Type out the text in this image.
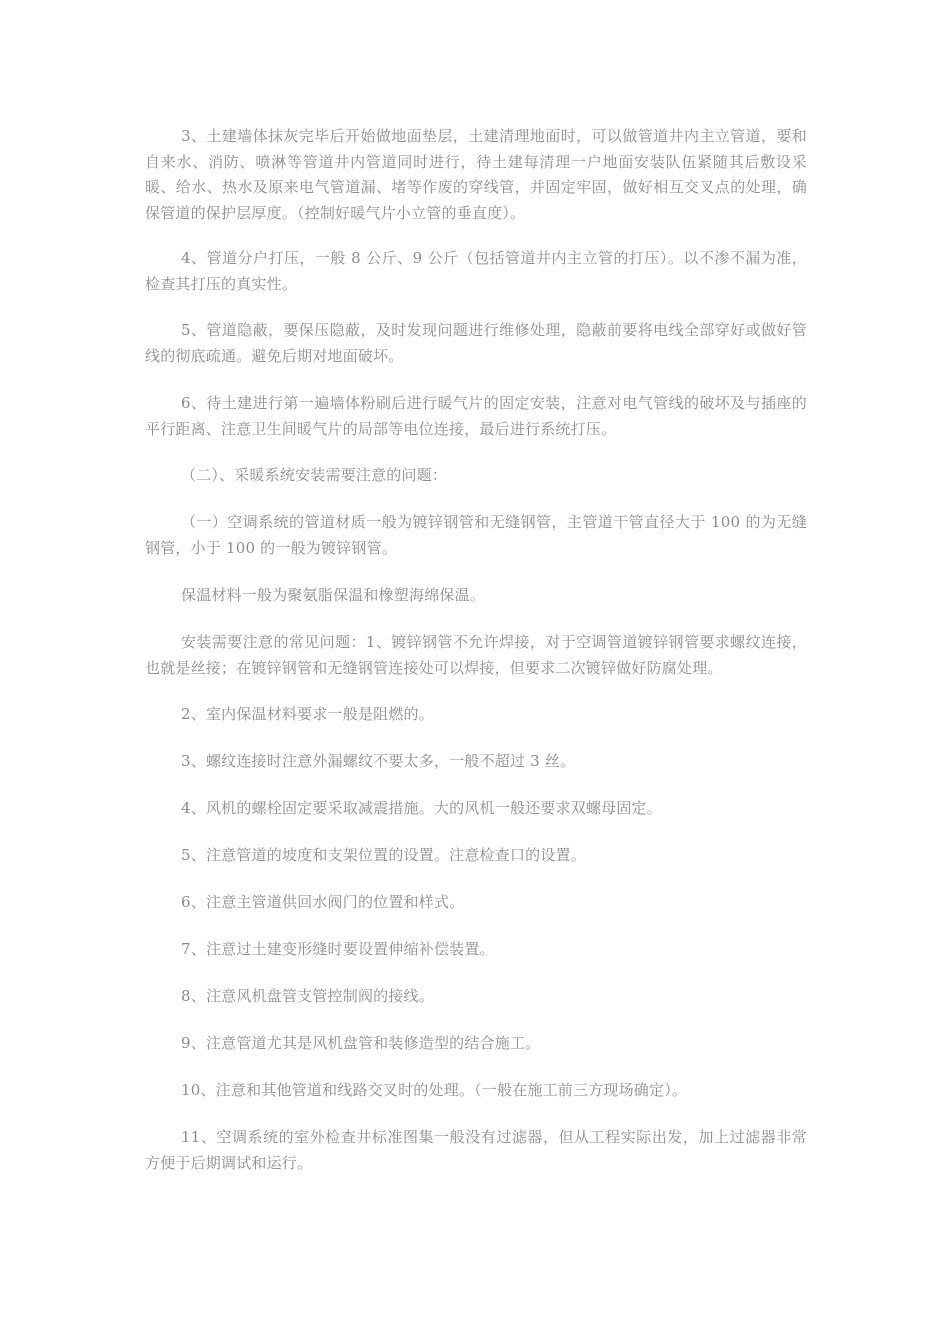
3、土建墙体抹灰完毕后开始做地面垫层，土建清理地面时，可以做管道井内主立管道，要和自来水、消防、喷淋等管道井内管道同时进行，待土建每清理一户地面安装队伍紧随其后敷设采暖、给水、热水及原来电气管道漏、堵等作废的穿线管，并固定牢固，做好相互交叉点的处理，确保管道的保护层厚度。（控制好暖气片小立管的垂直度）。

4、管道分户打压，一般 8 公斤、9 公斤（包括管道井内主立管的打压）。以不渗不漏为准，检查其打压的真实性。

5、管道隐蔽，要保压隐蔽，及时发现问题进行维修处理，隐蔽前要将电线全部穿好或做好管线的彻底疏通。避免后期对地面破坏。

6、待土建进行第一遍墙体粉刷后进行暖气片的固定安装，注意对电气管线的破坏及与插座的平行距离、注意卫生间暖气片的局部等电位连接，最后进行系统打压。

（二）、采暖系统安装需要注意的问题：

（一）空调系统的管道材质一般为镀锌钢管和无缝钢管，主管道干管直径大于 100 的为无缝钢管，小于 100 的一般为镀锌钢管。

保温材料一般为聚氨脂保温和橡塑海绵保温。

安装需要注意的常见问题：1、镀锌钢管不允许焊接，对于空调管道镀锌钢管要求螺纹连接，也就是丝接；在镀锌钢管和无缝钢管连接处可以焊接，但要求二次镀锌做好防腐处理。

2、室内保温材料要求一般是阻燃的。

3、螺纹连接时注意外漏螺纹不要太多，一般不超过 3 丝。

4、风机的螺栓固定要采取减震措施。大的风机一般还要求双螺母固定。

5、注意管道的坡度和支架位置的设置。注意检查口的设置。

6、注意主管道供回水阀门的位置和样式。

7、注意过土建变形缝时要设置伸缩补偿装置。

8、注意风机盘管支管控制阀的接线。

9、注意管道尤其是风机盘管和装修造型的结合施工。

10、注意和其他管道和线路交叉时的处理。（一般在施工前三方现场确定）。

11、空调系统的室外检查井标准图集一般没有过滤器，但从工程实际出发，加上过滤器非常方便于后期调试和运行。
